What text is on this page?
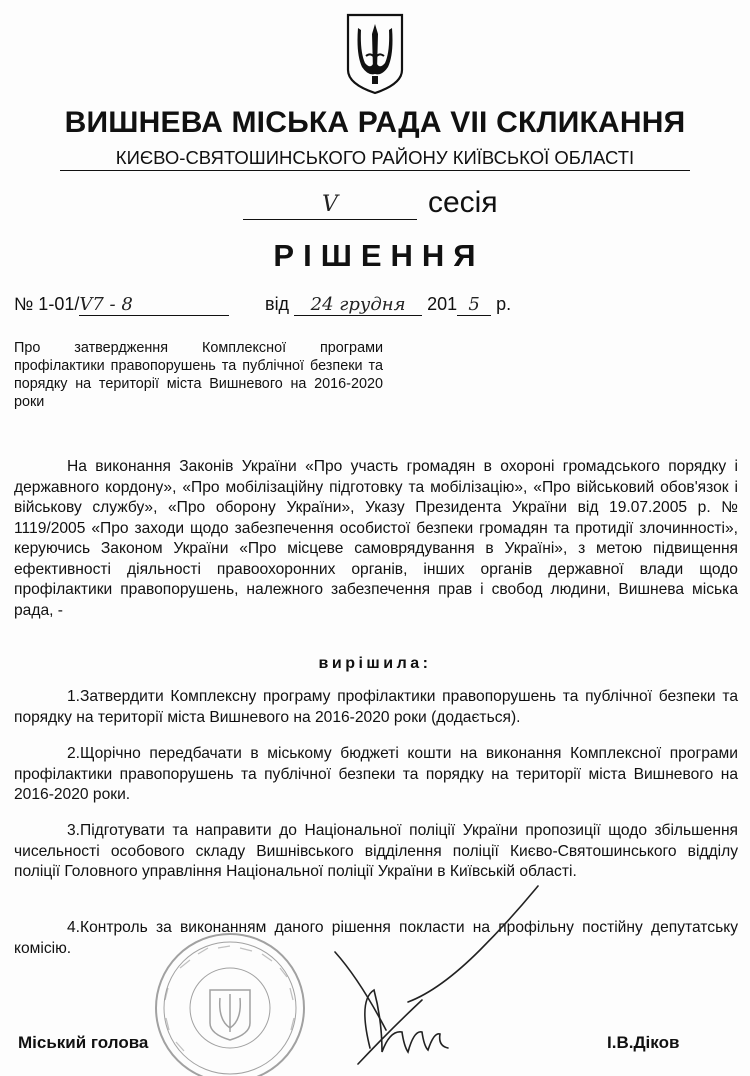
ВИШНЕВА МІСЬКА РАДА VII СКЛИКАННЯ
КИЄВО-СВЯТОШИНСЬКОГО РАЙОНУ КИЇВСЬКОЇ ОБЛАСТІ
V	сесія
РІШЕННЯ
№ 1-01/V7 - 8	від 24 грудня 201 5 р.
Про затвердження Комплексної програми профілактики правопорушень та публічної безпеки та порядку на території міста Вишневого на 2016-2020 роки
На виконання Законів України «Про участь громадян в охороні громадського порядку і державного кордону», «Про мобілізаційну підготовку та мобілізацію», «Про військовий обов'язок і військову службу», «Про оборону України», Указу Президента України від 19.07.2005 р. № 1119/2005 «Про заходи щодо забезпечення особистої безпеки громадян та протидії злочинності», керуючись Законом України «Про місцеве самоврядування в Україні», з метою підвищення ефективності діяльності правоохоронних органів, інших органів державної влади щодо профілактики правопорушень, належного забезпечення прав і свобод людини, Вишнева міська рада, -
вирішила:
1.Затвердити Комплексну програму профілактики правопорушень та публічної безпеки та порядку на території міста Вишневого на 2016-2020 роки (додається).
2.Щорічно передбачати в міському бюджеті кошти на виконання Комплексної програми профілактики правопорушень та публічної безпеки та порядку на території міста Вишневого на 2016-2020 роки.
3.Підготувати та направити до Національної поліції України пропозиції щодо збільшення чисельності особового складу Вишнівського відділення поліції Києво-Святошинського відділу поліції Головного управління Національної поліції України в Київській області.
4.Контроль за виконанням даного рішення покласти на профільну постійну депутатську комісію.
Міський голова	І.В.Діков
